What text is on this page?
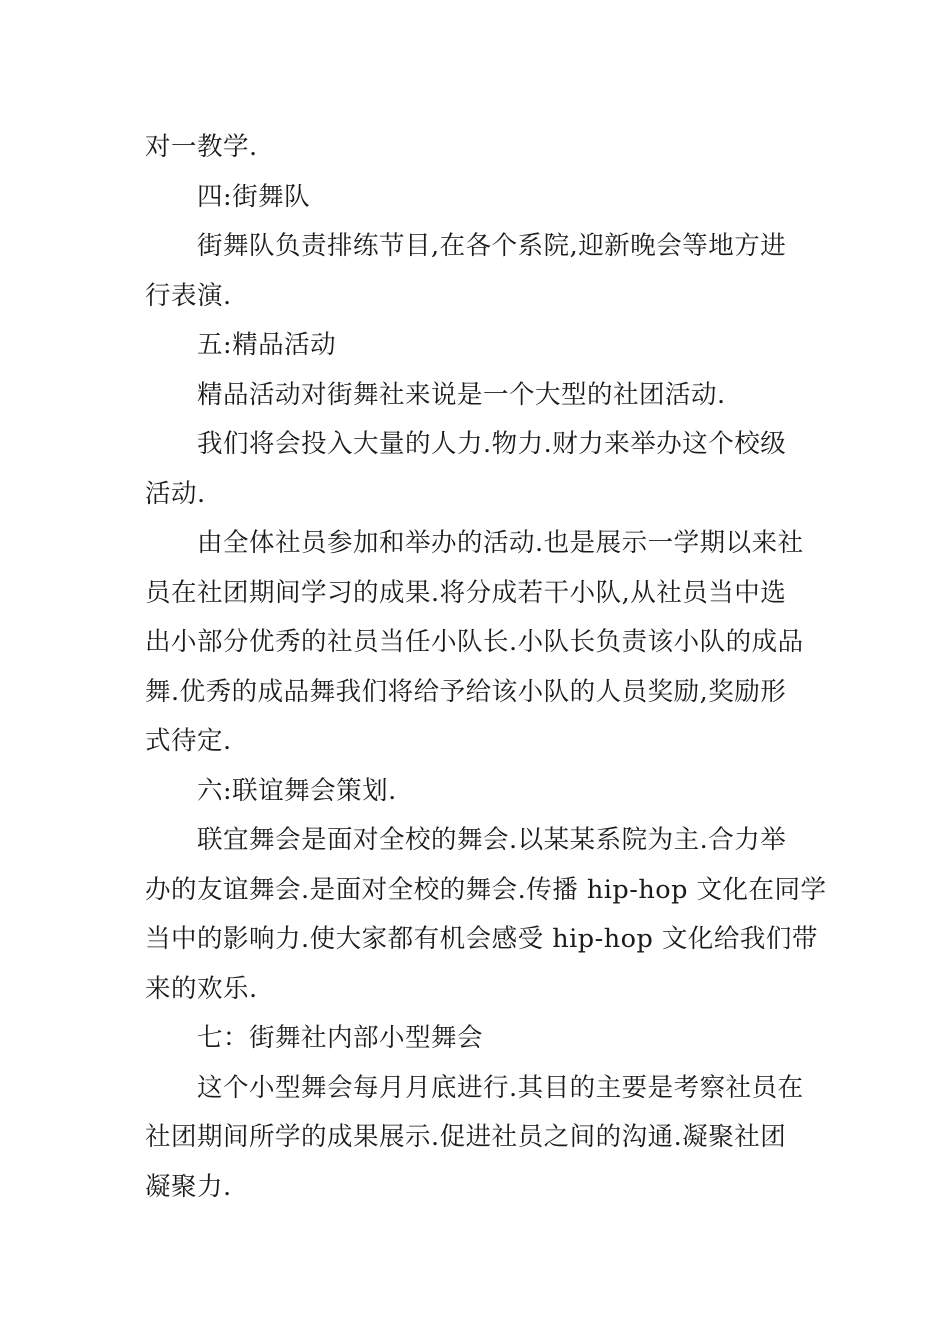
对一教学.
四:街舞队
街舞队负责排练节目,在各个系院,迎新晚会等地方进
行表演.
五:精品活动
精品活动对街舞社来说是一个大型的社团活动.
我们将会投入大量的人力.物力.财力来举办这个校级
活动.
由全体社员参加和举办的活动.也是展示一学期以来社
员在社团期间学习的成果.将分成若干小队,从社员当中选
出小部分优秀的社员当任小队长.小队长负责该小队的成品
舞.优秀的成品舞我们将给予给该小队的人员奖励,奖励形
式待定.
六:联谊舞会策划.
联宜舞会是面对全校的舞会.以某某系院为主.合力举
办的友谊舞会.是面对全校的舞会.传播 hip-hop 文化在同学
当中的影响力.使大家都有机会感受 hip-hop 文化给我们带
来的欢乐.
七：街舞社内部小型舞会
这个小型舞会每月月底进行.其目的主要是考察社员在
社团期间所学的成果展示.促进社员之间的沟通.凝聚社团
凝聚力.
